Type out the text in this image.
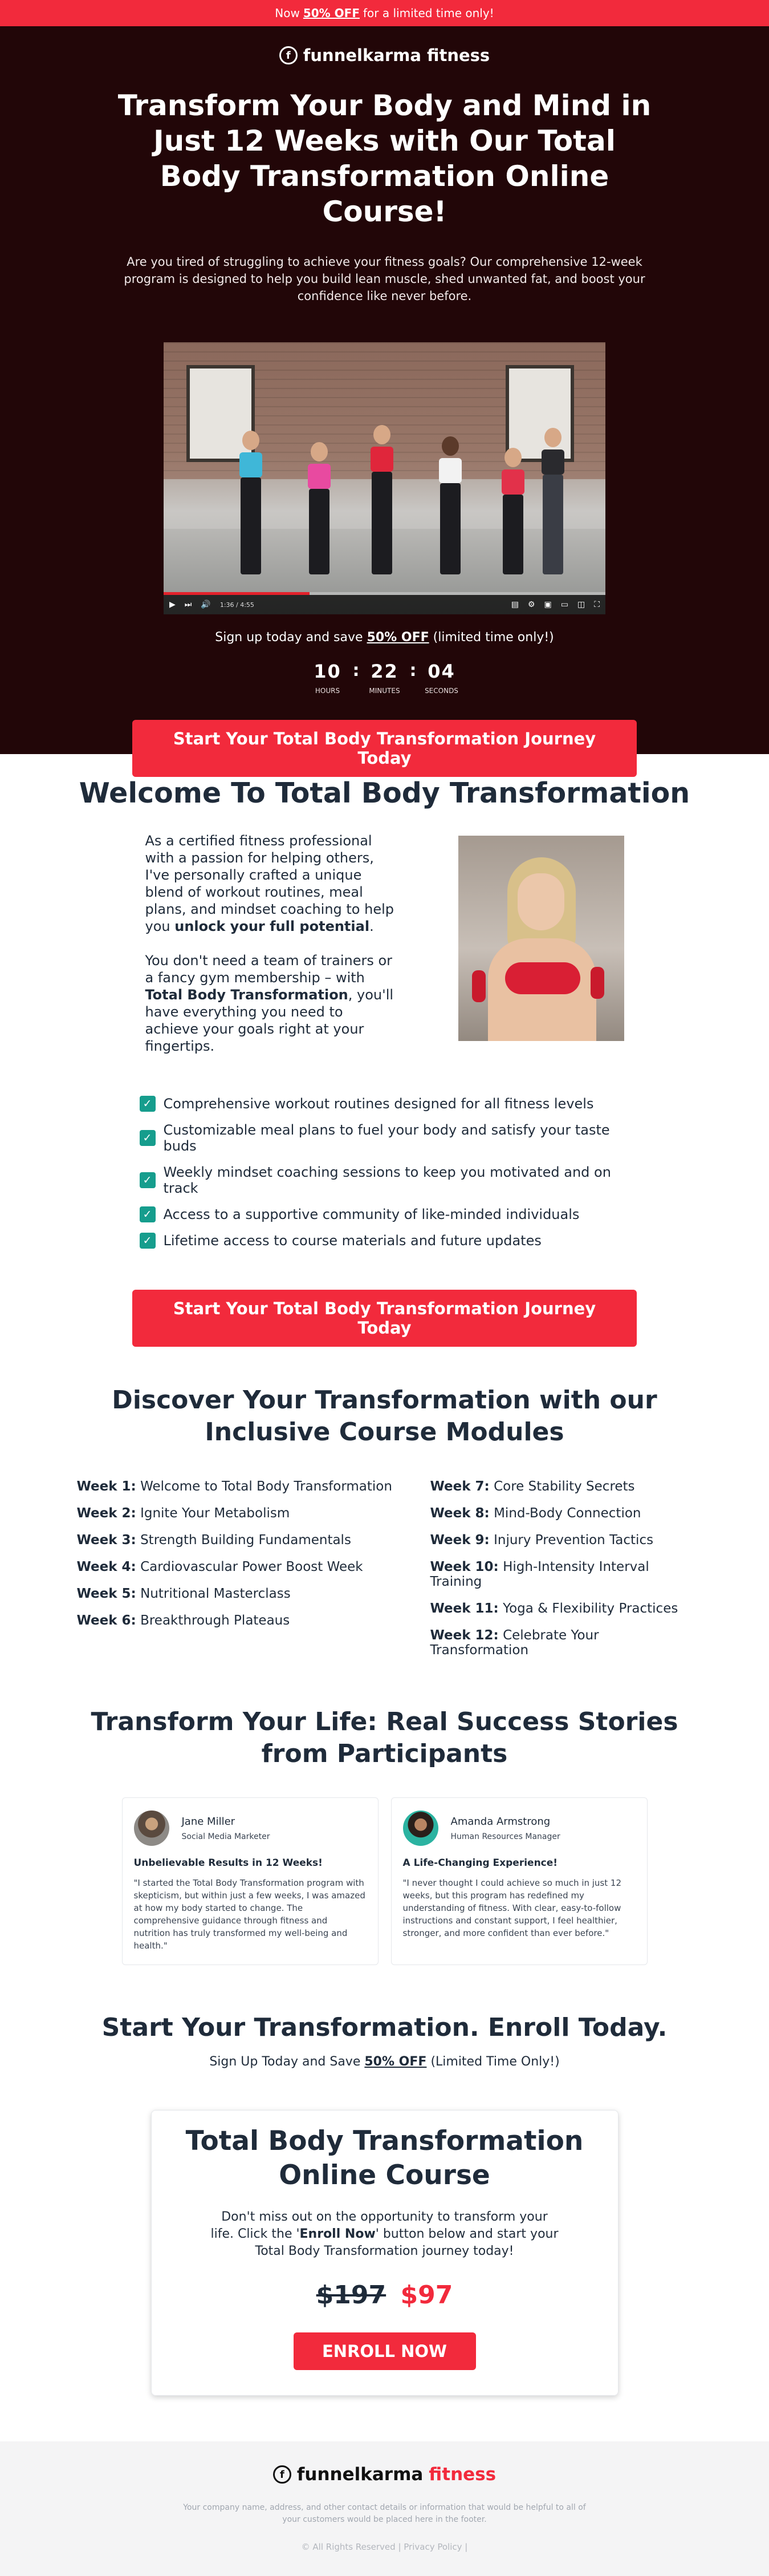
Now 50% OFF for a limited time only!
f funnelkarma fitness
Transform Your Body and Mind in Just 12 Weeks with Our Total Body Transformation Online Course!

Are you tired of struggling to achieve your fitness goals? Our comprehensive 12-week program is designed to help you build lean muscle, shed unwanted fat, and boost your confidence like never before.

▶ ⏭ 🔊 1:36 / 4:55	▤ ⚙ ▣ ▭ ◫ ⛶

Sign up today and save 50% OFF (limited time only!)

10
HOURS
: 22
MINUTES
: 04
SECONDS
Start Your Total Body Transformation Journey Today
Welcome To Total Body Transformation

As a certified fitness professional with a passion for helping others, I've personally crafted a unique blend of workout routines, meal plans, and mindset coaching to help you unlock your full potential.

You don't need a team of trainers or a fancy gym membership – with Total Body Transformation, you'll have everything you need to achieve your goals right at your fingertips.

✓ Comprehensive workout routines designed for all fitness levels
✓ Customizable meal plans to fuel your body and satisfy your taste buds
✓ Weekly mindset coaching sessions to keep you motivated and on track
✓ Access to a supportive community of like-minded individuals
✓ Lifetime access to course materials and future updates
Start Your Total Body Transformation Journey Today
Discover Your Transformation with our Inclusive Course Modules
Week 1: Welcome to Total Body Transformation
Week 2: Ignite Your Metabolism
Week 3: Strength Building Fundamentals
Week 4: Cardiovascular Power Boost Week
Week 5: Nutritional Masterclass
Week 6: Breakthrough Plateaus
Week 7: Core Stability Secrets
Week 8: Mind-Body Connection
Week 9: Injury Prevention Tactics
Week 10: High-Intensity Interval Training
Week 11: Yoga & Flexibility Practices
Week 12: Celebrate Your Transformation
Transform Your Life: Real Success Stories from Participants
Jane Miller
Social Media Marketer
Unbelievable Results in 12 Weeks!
"I started the Total Body Transformation program with skepticism, but within just a few weeks, I was amazed at how my body started to change. The comprehensive guidance through fitness and nutrition has truly transformed my well-being and health."
Amanda Armstrong
Human Resources Manager
A Life-Changing Experience!
"I never thought I could achieve so much in just 12 weeks, but this program has redefined my understanding of fitness. With clear, easy-to-follow instructions and constant support, I feel healthier, stronger, and more confident than ever before."
Start Your Transformation. Enroll Today.

Sign Up Today and Save 50% OFF (Limited Time Only!)

Total Body Transformation Online Course

Don't miss out on the opportunity to transform your life. Click the 'Enroll Now' button below and start your Total Body Transformation journey today!

$197 $97
ENROLL NOW
f funnelkarma fitness

Your company name, address, and other contact details or information that would be helpful to all of your customers would be placed here in the footer.

© All Rights Reserved | Privacy Policy |
